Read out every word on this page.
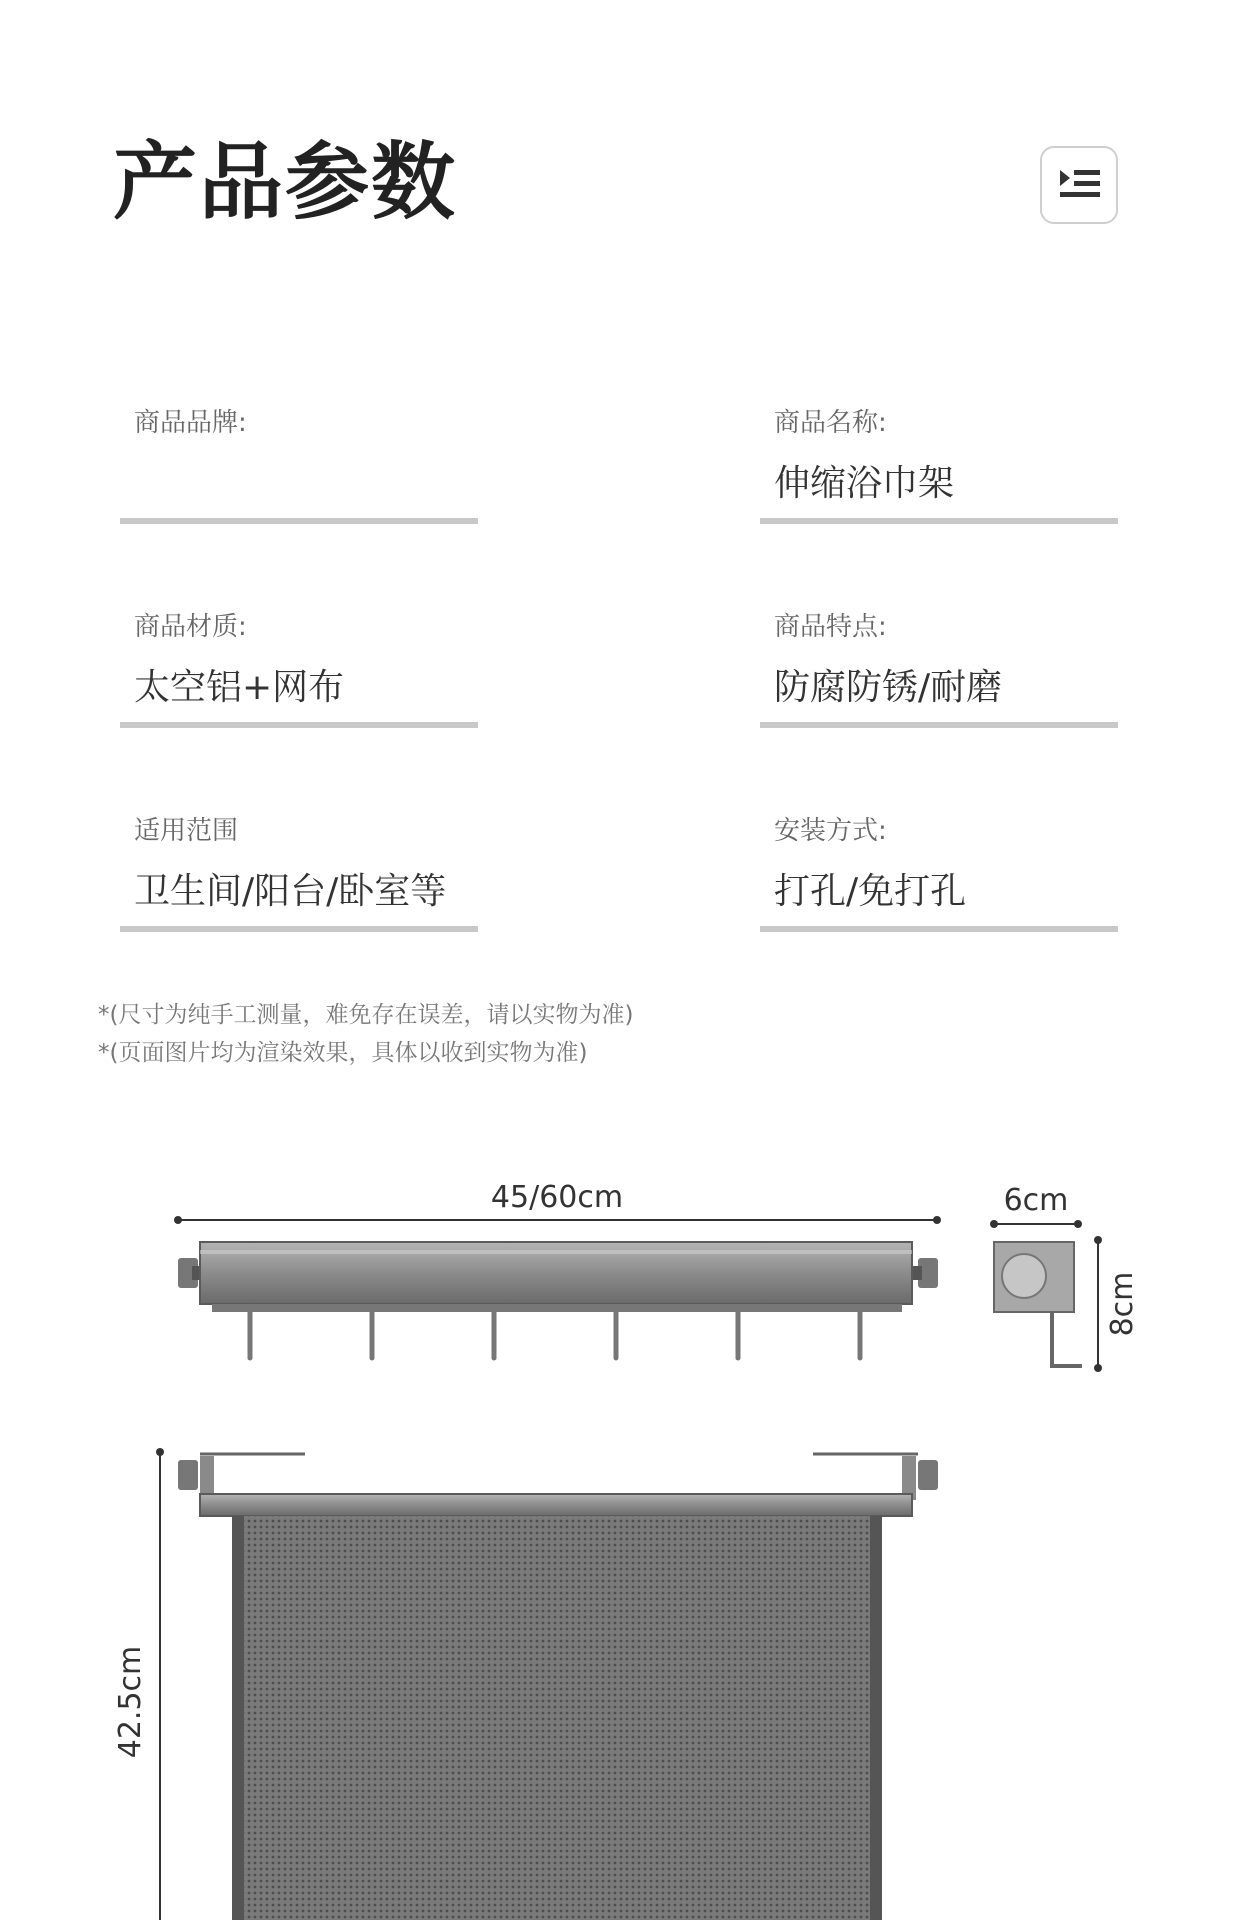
产品参数
商品品牌:	商品名称:
伸缩浴巾架
商品材质:
太空铝+网布
商品特点:
防腐防锈/耐磨
适用范围
卫生间/阳台/卧室等
安装方式:
打孔/免打孔
*(尺寸为纯手工测量，难免存在误差，请以实物为准)
*(页面图片均为渲染效果，具体以收到实物为准)
45/60cm	6cm
8cm
42.5cm
